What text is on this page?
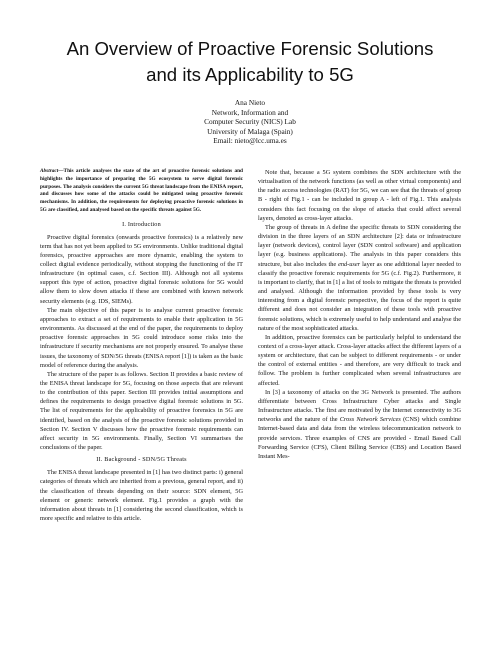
An Overview of Proactive Forensic Solutions
and its Applicability to 5G
Ana Nieto
Network, Information and
Computer Security (NICS) Lab
University of Malaga (Spain)
Email: nieto@lcc.uma.es

Abstract—This article analyses the state of the art of proactive forensic solutions and highlights the importance of preparing the 5G ecosystem to serve digital forensic purposes. The analysis considers the current 5G threat landscape from the ENISA report, and discusses how some of the attacks could be mitigated using proactive forensic mechanisms. In addition, the requirements for deploying proactive forensic solutions in 5G are classified, and analysed based on the specific threats against 5G.

I. Introduction

Proactive digital forensics (onwards proactive forensics) is a relatively new term that has not yet been applied to 5G environments. Unlike traditional digital forensics, proactive approaches are more dynamic, enabling the system to collect digital evidence periodically, without stopping the functioning of the IT infrastructure (in optimal cases, c.f. Section III). Although not all systems support this type of action, proactive digital forensic solutions for 5G would allow them to slow down attacks if these are combined with known network security elements (e.g. IDS, SIEMs).

The main objective of this paper is to analyse current proactive forensic approaches to extract a set of requirements to enable their application in 5G environments. As discussed at the end of the paper, the requirements to deploy proactive forensic approaches in 5G could introduce some risks into the infrastructure if security mechanisms are not properly ensured. To analyse these issues, the taxonomy of SDN/5G threats (ENISA report [1]) is taken as the basic model of reference during the analysis.

The structure of the paper is as follows. Section II provides a basic review of the ENISA threat landscape for 5G, focusing on those aspects that are relevant to the contribution of this paper. Section III provides initial assumptions and defines the requirements to design proactive digital forensic solutions in 5G. The list of requirements for the applicability of proactive forensics in 5G are identified, based on the analysis of the proactive forensic solutions provided in Section IV. Section V discusses how the proactive forensic requirements can affect security in 5G environments. Finally, Section VI summarises the conclusions of the paper.

II. Background - SDN/5G Threats

The ENISA threat landscape presented in [1] has two distinct parts: i) general categories of threats which are inherited from a previous, general report, and ii) the classification of threats depending on their source: SDN element, 5G element or generic network element. Fig.1 provides a graph with the information about threats in [1] considering the second classification, which is more specific and relative to this article.

Note that, because a 5G system combines the SDN architecture with the virtualisation of the network functions (as well as other virtual components) and the radio access technologies (RAT) for 5G, we can see that the threats of group B - right of Fig.1 - can be included in group A - left of Fig.1. This analysis considers this fact focusing on the slope of attacks that could affect several layers, denoted as cross-layer attacks.

The group of threats in A define the specific threats to SDN considering the division in the three layers of an SDN architecture [2]: data or infrastructure layer (network devices), control layer (SDN control software) and application layer (e.g. business applications). The analysis in this paper considers this structure, but also includes the end-user layer as one additional layer needed to classify the proactive forensic requirements for 5G (c.f. Fig.2). Furthermore, it is important to clarify, that in [1] a list of tools to mitigate the threats is provided and analysed. Although the information provided by these tools is very interesting from a digital forensic perspective, the focus of the report is quite different and does not consider an integration of these tools with proactive forensic solutions, which is extremely useful to help understand and analyse the nature of the most sophisticated attacks.

In addition, proactive forensics can be particularly helpful to understand the context of a cross-layer attack. Cross-layer attacks affect the different layers of a system or architecture, that can be subject to different requirements - or under the control of external entities - and therefore, are very difficult to track and follow. The problem is further complicated when several infrastructures are affected.

In [3] a taxonomy of attacks on the 3G Network is presented. The authors differentiate between Cross Infrastructure Cyber attacks and Single Infrastructure attacks. The first are motivated by the Internet connectivity to 3G networks and the nature of the Cross Network Services (CNS) which combine Internet-based data and data from the wireless telecommunication network to provide services. Three examples of CNS are provided - Email Based Call Forwarding Service (CFS), Client Billing Service (CBS) and Location Based Instant Mes-
